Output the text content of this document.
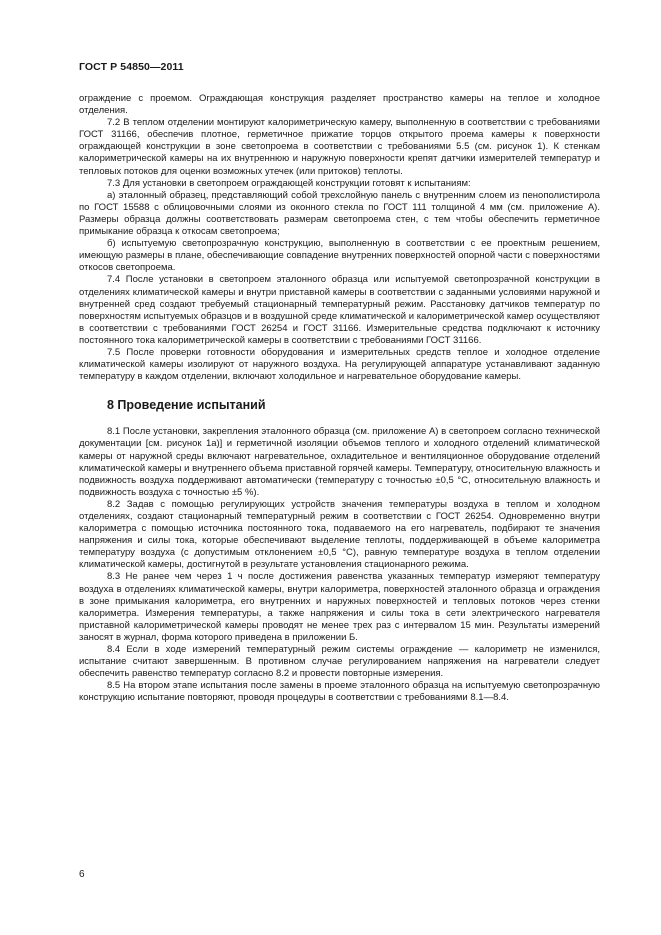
ГОСТ Р 54850—2011

ограждение с проемом. Ограждающая конструкция разделяет пространство камеры на теплое и холодное отделения.

7.2 В теплом отделении монтируют калориметрическую камеру, выполненную в соответствии с требованиями ГОСТ 31166, обеспечив плотное, герметичное прижатие торцов открытого проема камеры к поверхности ограждающей конструкции в зоне светопроема в соответствии с требованиями 5.5 (см. рисунок 1). К стенкам калориметрической камеры на их внутреннюю и наружную поверхности крепят датчики измерителей температур и тепловых потоков для оценки возможных утечек (или притоков) теплоты.

7.3 Для установки в светопроем ограждающей конструкции готовят к испытаниям:

а) эталонный образец, представляющий собой трехслойную панель с внутренним слоем из пенополистирола по ГОСТ 15588 с облицовочными слоями из оконного стекла по ГОСТ 111 толщиной 4 мм (см. приложение А). Размеры образца должны соответствовать размерам светопроема стен, с тем чтобы обеспечить герметичное примыкание образца к откосам светопроема;

б) испытуемую светопрозрачную конструкцию, выполненную в соответствии с ее проектным решением, имеющую размеры в плане, обеспечивающие совпадение внутренних поверхностей опорной части с поверхностями откосов светопроема.

7.4 После установки в светопроем эталонного образца или испытуемой светопрозрачной конструкции в отделениях климатической камеры и внутри приставной камеры в соответствии с заданными условиями наружной и внутренней сред создают требуемый стационарный температурный режим. Расстановку датчиков температур по поверхностям испытуемых образцов и в воздушной среде климатической и калориметрической камер осуществляют в соответствии с требованиями ГОСТ 26254 и ГОСТ 31166. Измерительные средства подключают к источнику постоянного тока калориметрической камеры в соответствии с требованиями ГОСТ 31166.

7.5 После проверки готовности оборудования и измерительных средств теплое и холодное отделение климатической камеры изолируют от наружного воздуха. На регулирующей аппаратуре устанавливают заданную температуру в каждом отделении, включают холодильное и нагревательное оборудование камеры.

8 Проведение испытаний

8.1 После установки, закрепления эталонного образца (см. приложение А) в светопроем согласно технической документации [см. рисунок 1а)] и герметичной изоляции объемов теплого и холодного отделений климатической камеры от наружной среды включают нагревательное, охладительное и вентиляционное оборудование отделений климатической камеры и внутреннего объема приставной горячей камеры. Температуру, относительную влажность и подвижность воздуха поддерживают автоматически (температуру с точностью ±0,5 °С, относительную влажность и подвижность воздуха с точностью ±5 %).

8.2 Задав с помощью регулирующих устройств значения температуры воздуха в теплом и холодном отделениях, создают стационарный температурный режим в соответствии с ГОСТ 26254. Одновременно внутри калориметра с помощью источника постоянного тока, подаваемого на его нагреватель, подбирают те значения напряжения и силы тока, которые обеспечивают выделение теплоты, поддерживающей в объеме калориметра температуру воздуха (с допустимым отклонением ±0,5 °С), равную температуре воздуха в теплом отделении климатической камеры, достигнутой в результате установления стационарного режима.

8.3 Не ранее чем через 1 ч после достижения равенства указанных температур измеряют температуру воздуха в отделениях климатической камеры, внутри калориметра, поверхностей эталонного образца и ограждения в зоне примыкания калориметра, его внутренних и наружных поверхностей и тепловых потоков через стенки калориметра. Измерения температуры, а также напряжения и силы тока в сети электрического нагревателя приставной калориметрической камеры проводят не менее трех раз с интервалом 15 мин. Результаты измерений заносят в журнал, форма которого приведена в приложении Б.

8.4 Если в ходе измерений температурный режим системы ограждение — калориметр не изменился, испытание считают завершенным. В противном случае регулированием напряжения на нагреватели следует обеспечить равенство температур согласно 8.2 и провести повторные измерения.

8.5 На втором этапе испытания после замены в проеме эталонного образца на испытуемую светопрозрачную конструкцию испытание повторяют, проводя процедуры в соответствии с требованиями 8.1—8.4.

6
